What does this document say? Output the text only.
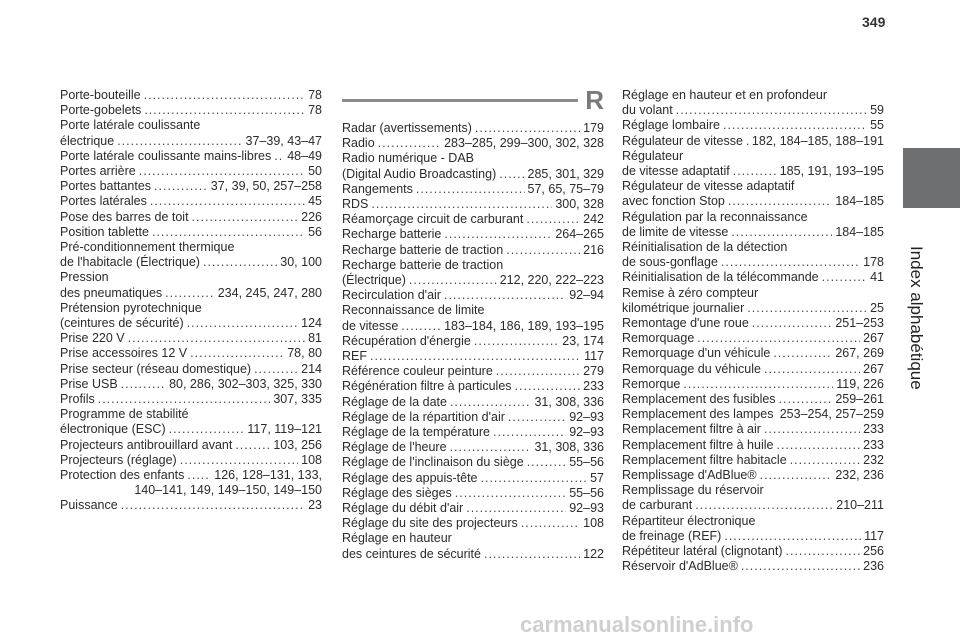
349
Index alphabétique
R
Porte-bouteille .....	78
Porte-gobelets .....	78
Porte latérale coulissante
électrique .....	37–39, 43–47
Porte latérale coulissante mains-libres ..... 48–49
Portes arrière .....	50
Portes battantes .....	37, 39, 50, 257–258
Portes latérales .....	45
Pose des barres de toit .....	226
Position tablette .....	56
Pré-conditionnement thermique
de l'habitacle (Électrique) .....	30, 100
Pression
des pneumatiques .....	234, 245, 247, 280
Prétension pyrotechnique
(ceintures de sécurité) .....	124
Prise 220 V .....	81
Prise accessoires 12 V .....	78, 80
Prise secteur (réseau domestique) .....	214
Prise USB .....	80, 286, 302–303, 325, 330
Profils .....	307, 335
Programme de stabilité
électronique (ESC) .....	117, 119–121
Projecteurs antibrouillard avant .....	103, 256
Projecteurs (réglage) .....	108
Protection des enfants ..... 126, 128–131, 133,
140–141, 149, 149–150, 149–150
Puissance .....	23
Radar (avertissements) .....	179
Radio .....	283–285, 299–300, 302, 328
Radio numérique - DAB
(Digital Audio Broadcasting) .....	285, 301, 329
Rangements .....	57, 65, 75–79
RDS .....	300, 328
Réamorçage circuit de carburant .....	242
Recharge batterie .....	264–265
Recharge batterie de traction .....	216
Recharge batterie de traction
(Électrique) .....	212, 220, 222–223
Recirculation d'air .....	92–94
Reconnaissance de limite
de vitesse .....	183–184, 186, 189, 193–195
Récupération d'énergie .....	23, 174
REF .....	117
Référence couleur peinture .....	279
Régénération filtre à particules .....	233
Réglage de la date .....	31, 308, 336
Réglage de la répartition d'air .....	92–93
Réglage de la température .....	92–93
Réglage de l'heure .....	31, 308, 336
Réglage de l'inclinaison du siège .....	55–56
Réglage des appuis-tête .....	57
Réglage des sièges .....	55–56
Réglage du débit d'air .....	92–93
Réglage du site des projecteurs .....	108
Réglage en hauteur
des ceintures de sécurité .....	122
Réglage en hauteur et en profondeur
du volant .....	59
Réglage lombaire .....	55
Régulateur de vitesse ..... 182, 184–185, 188–191
Régulateur
de vitesse adaptatif .....	185, 191, 193–195
Régulateur de vitesse adaptatif
avec fonction Stop .....	184–185
Régulation par la reconnaissance
de limite de vitesse .....	184–185
Réinitialisation de la détection
de sous-gonflage .....	178
Réinitialisation de la télécommande .....	41
Remise à zéro compteur
kilométrique journalier .....	25
Remontage d'une roue .....	251–253
Remorquage .....	267
Remorquage d'un véhicule .....	267, 269
Remorquage du véhicule .....	267
Remorque .....	119, 226
Remplacement des fusibles .....	259–261
Remplacement des lampes ..... 253–254, 257–259
Remplacement filtre à air .....	233
Remplacement filtre à huile .....	233
Remplacement filtre habitacle .....	232
Remplissage d'AdBlue® .....	232, 236
Remplissage du réservoir
de carburant .....	210–211
Répartiteur électronique
de freinage (REF) .....	117
Répétiteur latéral (clignotant) .....	256
Réservoir d'AdBlue® .....	236
carmanualsonline.info
